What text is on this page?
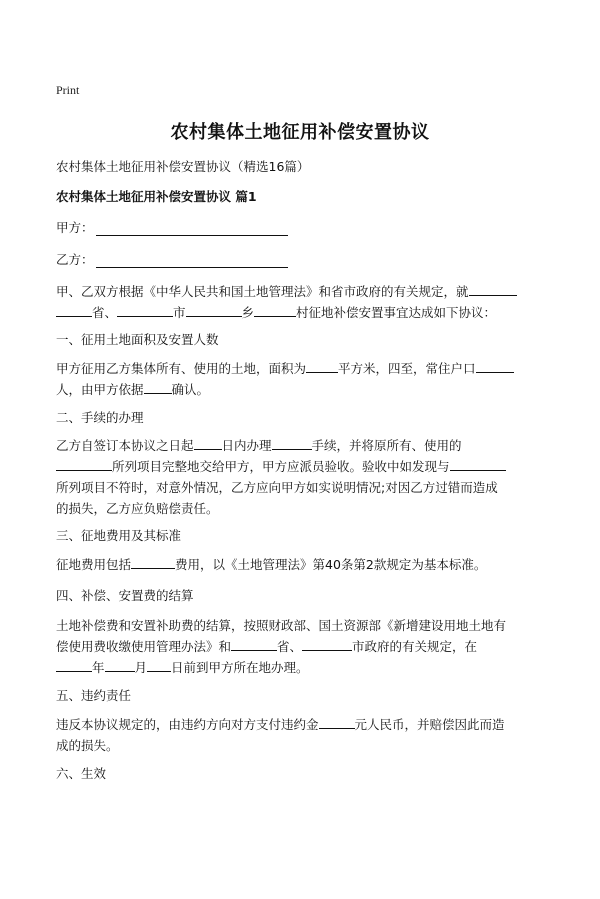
Print
农村集体土地征用补偿安置协议
农村集体土地征用补偿安置协议（精选16篇）
农村集体土地征用补偿安置协议 篇1
甲方：
乙方：
甲、乙双方根据《中华人民共和国土地管理法》和省市政府的有关规定，就
省、	市	乡	村征地补偿安置事宜达成如下协议：
一、征用土地面积及安置人数
甲方征用乙方集体所有、使用的土地，面积为	平方米，四至，常住户口
人，由甲方依据 确认。
二、手续的办理
乙方自签订本协议之日起 日内办理	手续，并将原所有、使用的
所列项目完整地交给甲方，甲方应派员验收。验收中如发现与
所列项目不符时，对意外情况，乙方应向甲方如实说明情况;对因乙方过错而造成
的损失，乙方应负赔偿责任。
三、征地费用及其标准
征地费用包括	费用，以《土地管理法》第40条第2款规定为基本标准。
四、补偿、安置费的结算
土地补偿费和安置补助费的结算，按照财政部、国土资源部《新增建设用地土地有
偿使用费收缴使用管理办法》和	省、	市政府的有关规定，在
年 月 日前到甲方所在地办理。
五、违约责任
违反本协议规定的，由违约方向对方支付违约金	元人民币，并赔偿因此而造
成的损失。
六、生效
